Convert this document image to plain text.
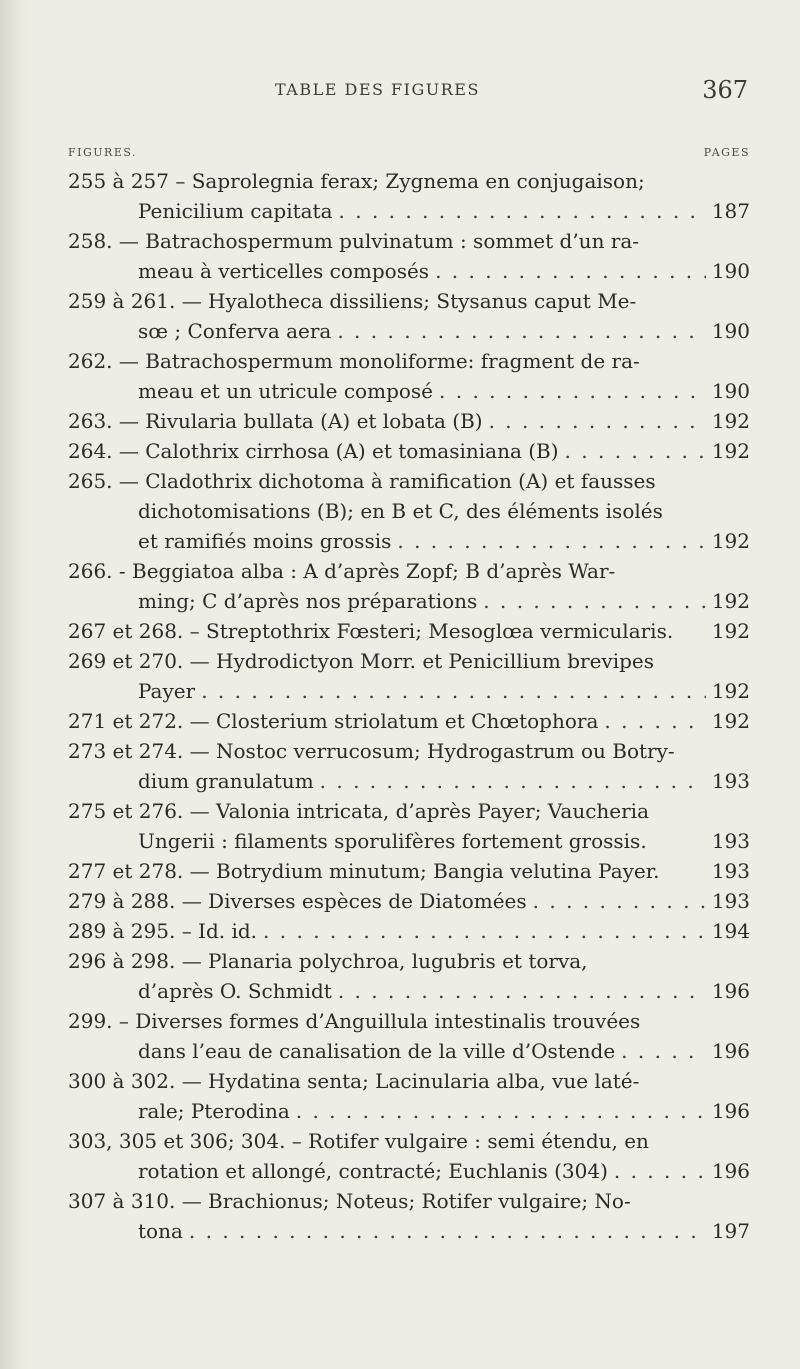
TABLE DES FIGURES	367
FIGURES.	PAGES
255 à 257 – Saprolegnia ferax; Zygnema en conjugaison;
Penicilium capitata . . .	187
258. — Batrachospermum pulvinatum : sommet d’un ra-
meau à verticelles composés . . .	190
259 à 261. — Hyalotheca dissiliens; Stysanus caput Me-
sœ ; Conferva aera . . .	190
262. — Batrachospermum monoliforme: fragment de ra-
meau et un utricule composé . . .	190
263. — Rivularia bullata (A) et lobata (B) . . .	192
264. — Calothrix cirrhosa (A) et tomasiniana (B) . . .	192
265. — Cladothrix dichotoma à ramification (A) et fausses
dichotomisations (B); en B et C, des éléments isolés
et ramifiés moins grossis . . .	192
266. - Beggiatoa alba : A d’après Zopf; B d’après War-
ming; C d’après nos préparations . . .	192
267 et 268. – Streptothrix Fœsteri; Mesoglœa vermicularis. 192
269 et 270. — Hydrodictyon Morr. et Penicillium brevipes
Payer . . .	192
271 et 272. — Closterium striolatum et Chœtophora . . .	192
273 et 274. — Nostoc verrucosum; Hydrogastrum ou Botry-
dium granulatum . . .	193
275 et 276. — Valonia intricata, d’après Payer; Vaucheria
Ungerii : filaments sporulifères fortement grossis.	193
277 et 278. — Botrydium minutum; Bangia velutina Payer.	193
279 à 288. — Diverses espèces de Diatomées . . .	193
289 à 295. – Id. id. . . .	194
296 à 298. — Planaria polychroa, lugubris et torva,
d’après O. Schmidt . . .	196
299. – Diverses formes d’Anguillula intestinalis trouvées
dans l’eau de canalisation de la ville d’Ostende . . .	196
300 à 302. — Hydatina senta; Lacinularia alba, vue laté-
rale; Pterodina . . .	196
303, 305 et 306; 304. – Rotifer vulgaire : semi étendu, en
rotation et allongé, contracté; Euchlanis (304) . . .	196
307 à 310. — Brachionus; Noteus; Rotifer vulgaire; No-
tona . . .	197
